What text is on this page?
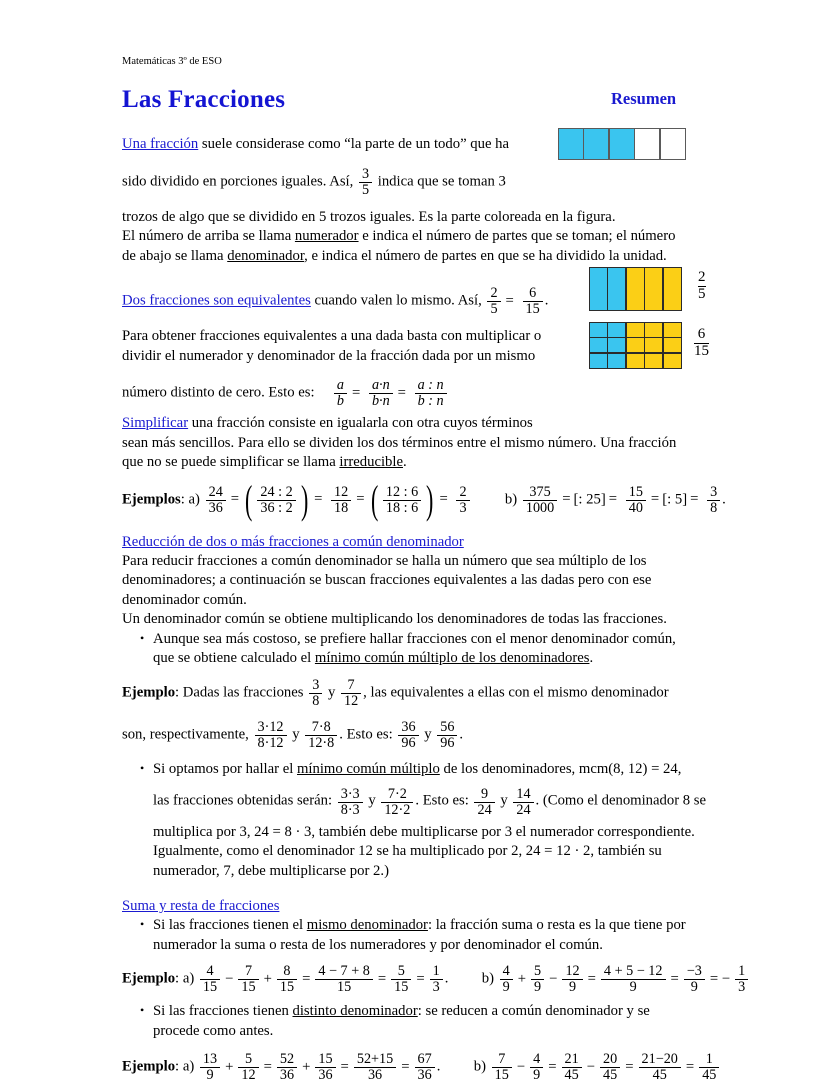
Resumen
$\frac{2}{5}$
$\frac{6}{15}$
Matemáticas 3º de ESO
Las Fracciones

Una fracción suele considerase como “la parte de un todo” que ha

sido dividido en porciones iguales. Así, $\frac{3}{5}$ indica que se toman 3

trozos de algo que se dividido en 5 trozos iguales. Es la parte coloreada en la figura.

El número de arriba se llama numerador e indica el número de partes que se toman; el número

de abajo se llama denominador, e indica el número de partes en que se ha dividido la unidad.

Dos fracciones son equivalentes cuando valen lo mismo. Así, $\frac{2}{5} = \frac{6}{15}$ .

Para obtener fracciones equivalentes a una dada basta con multiplicar o

dividir el numerador y denominador de la fracción dada por un mismo

número distinto de cero. Esto es: $\frac{a}{b} = \frac{a\cdot n}{b\cdot n} = \frac{a : n}{b : n}$

Simplificar una fracción consiste en igualarla con otra cuyos términos

sean más sencillos. Para ello se dividen los dos términos entre el mismo número. Una fracción

que no se puede simplificar se llama irreducible.

Ejemplos: $a) \frac{24}{36}$ = ( $\frac{24 : 2}{36 : 2}$ ) = $\frac{12}{18}$ = ( $\frac{12 : 6}{18 : 6}$ ) = $\frac{2}{3} b) \frac{375}{1000}$ = [: $25] = \frac{15}{40}$ = [: $5] = \frac{3}{8}$ .

Reducción de dos o más fracciones a común denominador

Para reducir fracciones a común denominador se halla un número que sea múltiplo de los

denominadores; a continuación se buscan fracciones equivalentes a las dadas pero con ese

denominador común.

Un denominador común se obtiene multiplicando los denominadores de todas las fracciones.

• Aunque sea más costoso, se prefiere hallar fracciones con el menor denominador común,
que se obtiene calculado el mínimo común múltiplo de los denominadores.

Ejemplo: Dadas las fracciones $\frac{3}{8}$ y $\frac{7}{12}$ , las equivalentes a ellas con el mismo denominador

son, respectivamente, $\frac{3\cdot 12}{8\cdot 12}$ y $\frac{7\cdot 8}{12\cdot 8}$ . Esto es: $\frac{36}{96}$ y $\frac{56}{96}$ .

• Si optamos por hallar el mínimo común múltiplo de los denominadores, mcm(8, 12) = 24,
las fracciones obtenidas serán: $\frac{3\cdot 3}{8\cdot 3}$ y $\frac{7\cdot 2}{12\cdot 2}$ . Esto es: $\frac{9}{24}$ y $\frac{14}{24}$ . (Como el denominador 8 se
multiplica por 3, 24 = 8 · 3, también debe multiplicarse por 3 el numerador correspondiente.
Igualmente, como el denominador 12 se ha multiplicado por 2, 24 = 12 · 2, también su
numerador, 7, debe multiplicarse por 2.)

Suma y resta de fracciones

• Si las fracciones tienen el mismo denominador: la fracción suma o resta es la que tiene por
numerador la suma o resta de los numeradores y por denominador el común.

Ejemplo: $a) \frac{4}{15} - \frac{7}{15} + \frac{8}{15} = \frac{4 - 7 + 8}{15} = \frac{5}{15} = \frac{1}{3}$ . $b) \frac{4}{9} + \frac{5}{9} - \frac{12}{9} = \frac{4 + 5 - 12}{9} = \frac{-3}{9}$ = − $\frac{1}{3}$

• Si las fracciones tienen distinto denominador: se reducen a común denominador y se
procede como antes.

Ejemplo: $a) \frac{13}{9} + \frac{5}{12} = \frac{52}{36} + \frac{15}{36} = \frac{52+15}{36} = \frac{67}{36}$ . $b) \frac{7}{15} - \frac{4}{9} = \frac{21}{45} - \frac{20}{45} = \frac{21-20}{45} = \frac{1}{45}$
